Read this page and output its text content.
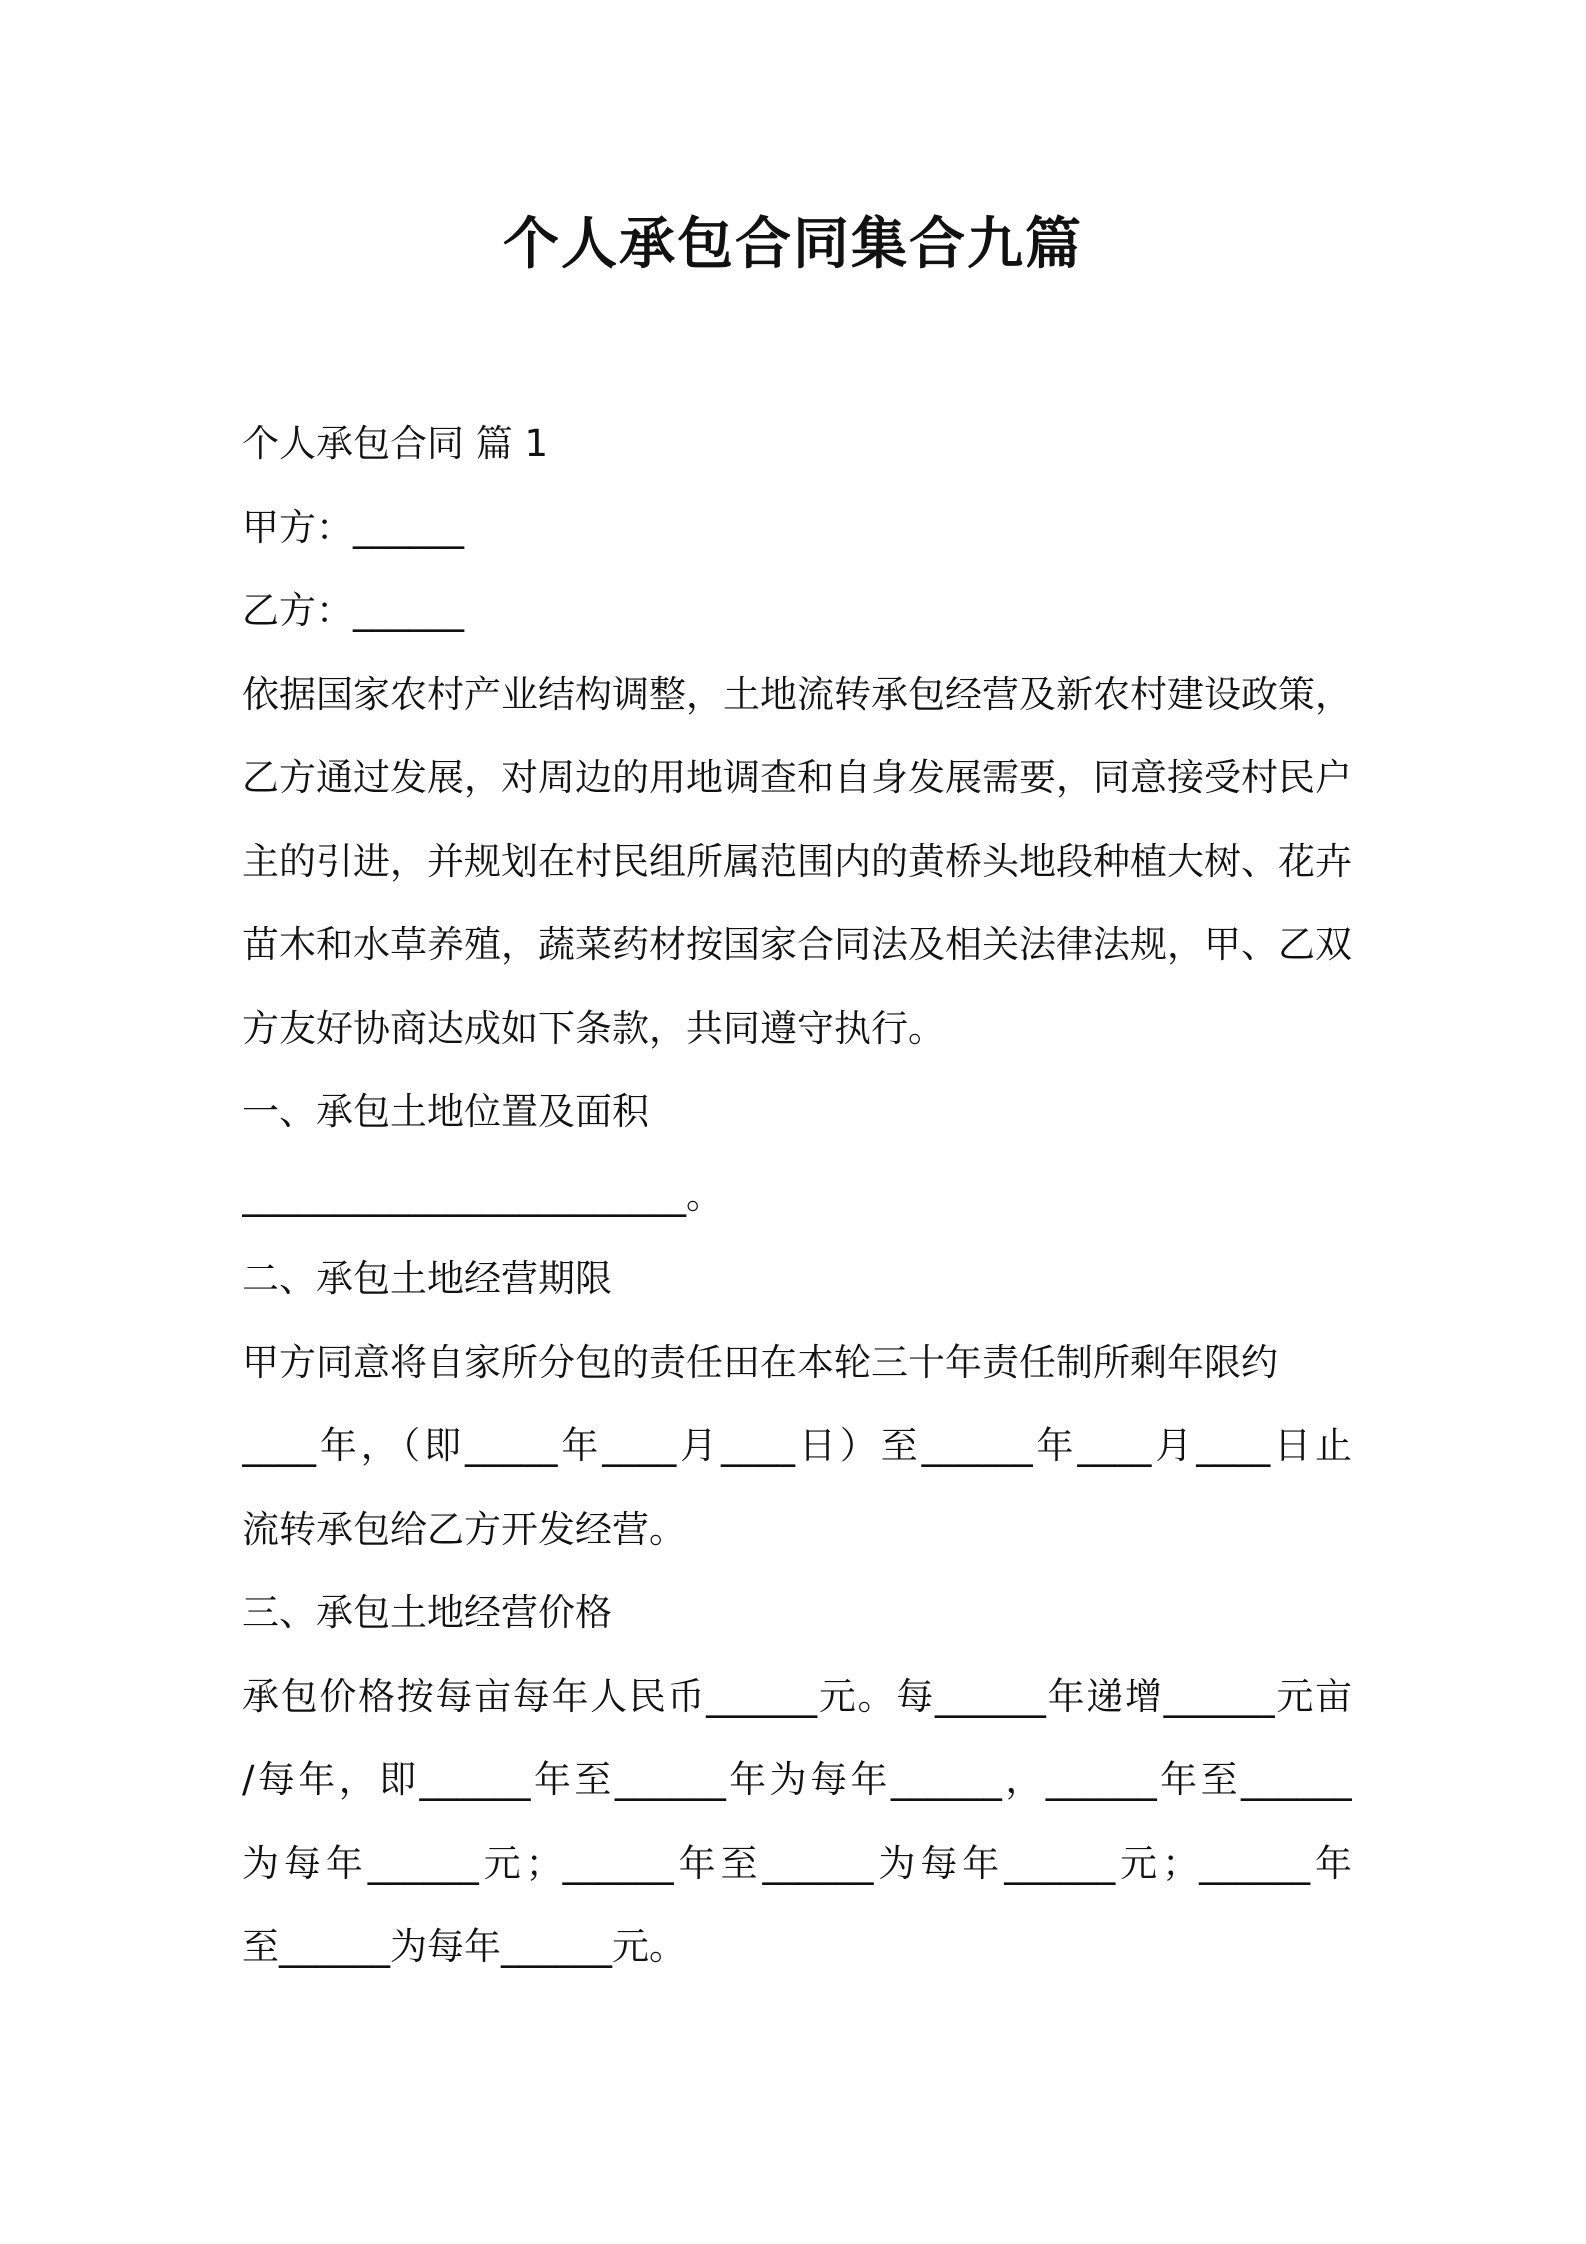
个人承包合同集合九篇
个人承包合同 篇 1
甲方：______
乙方：______
依据国家农村产业结构调整，土地流转承包经营及新农村建设政策，
乙方通过发展，对周边的用地调查和自身发展需要，同意接受村民户
主的引进，并规划在村民组所属范围内的黄桥头地段种植大树、花卉
苗木和水草养殖，蔬菜药材按国家合同法及相关法律法规，甲、乙双
方友好协商达成如下条款，共同遵守执行。
一、承包土地位置及面积
________________________。
二、承包土地经营期限
甲方同意将自家所分包的责任田在本轮三十年责任制所剩年限约
____年，（即_____年____月____日）至______年____月____日止
流转承包给乙方开发经营。
三、承包土地经营价格
承包价格按每亩每年人民币______元。每______年递增______元亩
/每年，即______年至______年为每年______，______年至______
为每年______元；______年至______为每年______元；______年
至______为每年______元。
